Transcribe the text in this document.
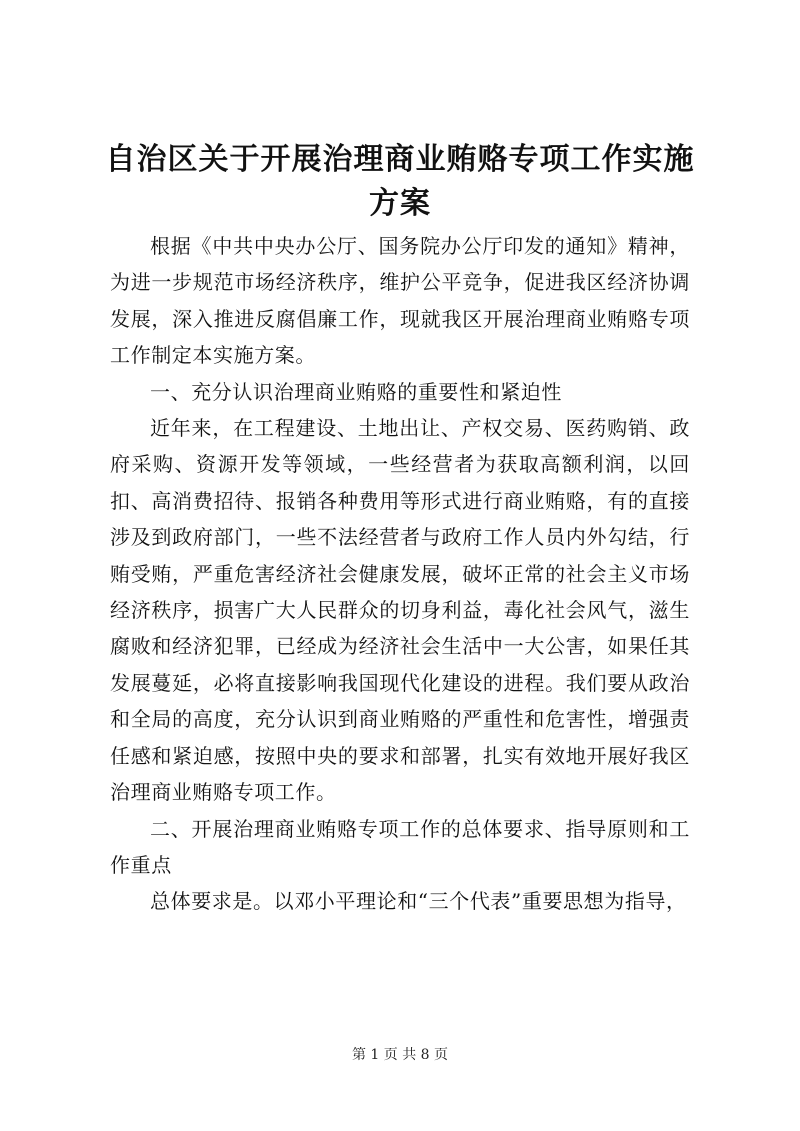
自治区关于开展治理商业贿赂专项工作实施方案

根据《中共中央办公厅、国务院办公厅印发的通知》精神，为进一步规范市场经济秩序，维护公平竞争，促进我区经济协调发展，深入推进反腐倡廉工作，现就我区开展治理商业贿赂专项工作制定本实施方案。

一、充分认识治理商业贿赂的重要性和紧迫性

近年来，在工程建设、土地出让、产权交易、医药购销、政府采购、资源开发等领域，一些经营者为获取高额利润，以回扣、高消费招待、报销各种费用等形式进行商业贿赂，有的直接涉及到政府部门，一些不法经营者与政府工作人员内外勾结，行贿受贿，严重危害经济社会健康发展，破坏正常的社会主义市场经济秩序，损害广大人民群众的切身利益，毒化社会风气，滋生腐败和经济犯罪，已经成为经济社会生活中一大公害，如果任其发展蔓延，必将直接影响我国现代化建设的进程。我们要从政治和全局的高度，充分认识到商业贿赂的严重性和危害性，增强责任感和紧迫感，按照中央的要求和部署，扎实有效地开展好我区治理商业贿赂专项工作。

二、开展治理商业贿赂专项工作的总体要求、指导原则和工作重点

总体要求是。以邓小平理论和“三个代表”重要思想为指导，

第 1 页 共 8 页
